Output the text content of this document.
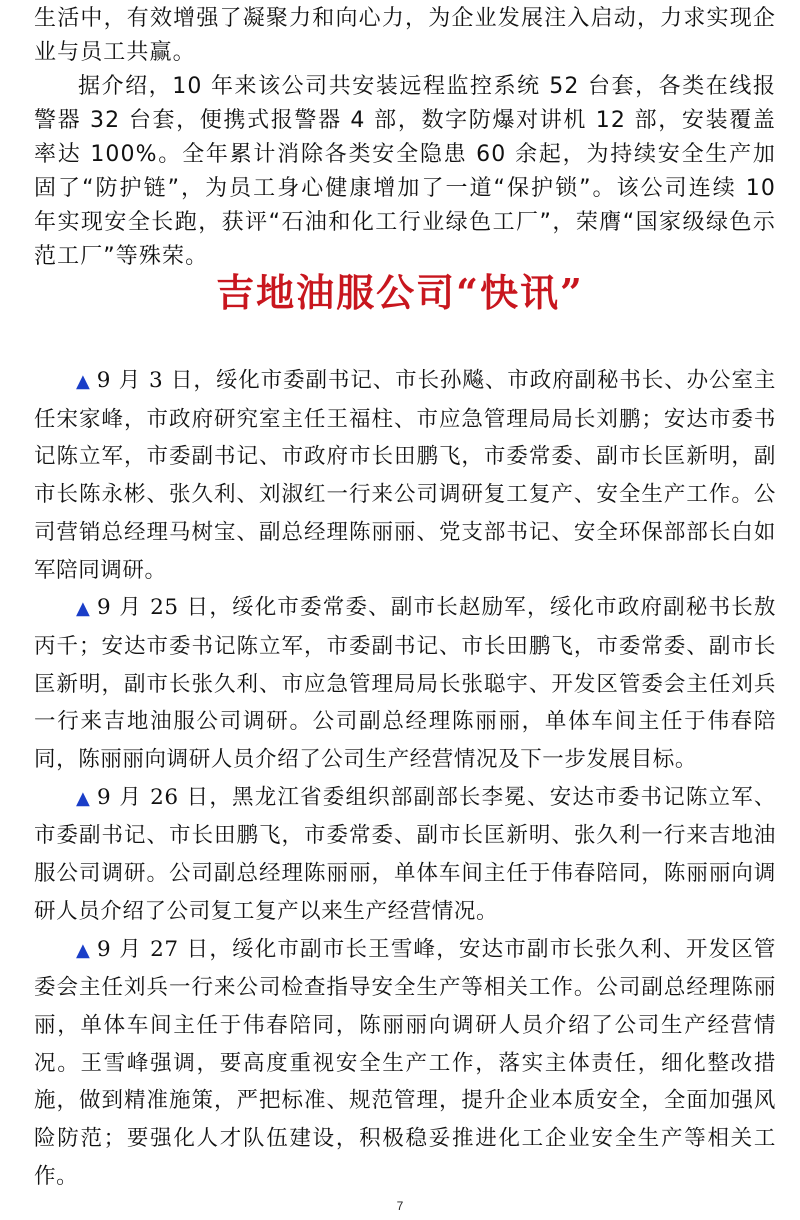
生活中，有效增强了凝聚力和向心力，为企业发展注入启动，力求实现企业与员工共赢。

据介绍，10 年来该公司共安装远程监控系统 52 台套，各类在线报警器 32 台套，便携式报警器 4 部，数字防爆对讲机 12 部，安装覆盖率达 100%。全年累计消除各类安全隐患 60 余起，为持续安全生产加固了“防护链”，为员工身心健康增加了一道“保护锁”。该公司连续 10 年实现安全长跑，获评“石油和化工行业绿色工厂”，荣膺“国家级绿色示范工厂”等殊荣。

吉地油服公司“快讯”

▲ 9 月 3 日，绥化市委副书记、市长孙飚、市政府副秘书长、办公室主任宋家峰，市政府研究室主任王福柱、市应急管理局局长刘鹏；安达市委书记陈立军，市委副书记、市政府市长田鹏飞，市委常委、副市长匡新明，副市长陈永彬、张久利、刘淑红一行来公司调研复工复产、安全生产工作。公司营销总经理马树宝、副总经理陈丽丽、党支部书记、安全环保部部长白如军陪同调研。

▲ 9 月 25 日，绥化市委常委、副市长赵励军，绥化市政府副秘书长敖丙千；安达市委书记陈立军，市委副书记、市长田鹏飞，市委常委、副市长匡新明，副市长张久利、市应急管理局局长张聪宇、开发区管委会主任刘兵一行来吉地油服公司调研。公司副总经理陈丽丽，单体车间主任于伟春陪同，陈丽丽向调研人员介绍了公司生产经营情况及下一步发展目标。

▲ 9 月 26 日，黑龙江省委组织部副部长李冕、安达市委书记陈立军、市委副书记、市长田鹏飞，市委常委、副市长匡新明、张久利一行来吉地油服公司调研。公司副总经理陈丽丽，单体车间主任于伟春陪同，陈丽丽向调研人员介绍了公司复工复产以来生产经营情况。

▲ 9 月 27 日，绥化市副市长王雪峰，安达市副市长张久利、开发区管委会主任刘兵一行来公司检查指导安全生产等相关工作。公司副总经理陈丽丽，单体车间主任于伟春陪同，陈丽丽向调研人员介绍了公司生产经营情况。王雪峰强调，要高度重视安全生产工作，落实主体责任，细化整改措施，做到精准施策，严把标准、规范管理，提升企业本质安全，全面加强风险防范；要强化人才队伍建设，积极稳妥推进化工企业安全生产等相关工作。

7
